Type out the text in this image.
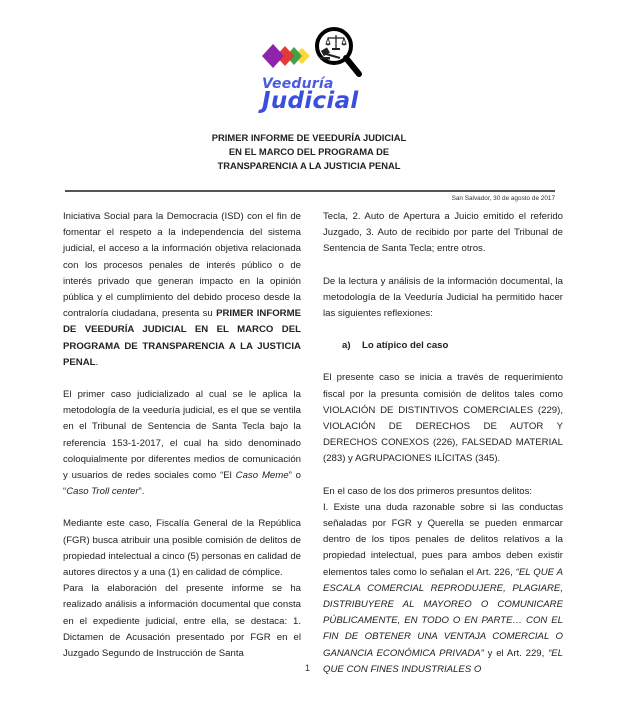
Veeduría
Judicial
PRIMER INFORME DE VEEDURÍA JUDICIAL
EN EL MARCO DEL PROGRAMA DE
TRANSPARENCIA A LA JUSTICIA PENAL
San Salvador, 30 de agosto de 2017

Iniciativa Social para la Democracia (ISD) con el fin de fomentar el respeto a la independencia del sistema judicial, el acceso a la información objetiva relacionada con los procesos penales de interés público o de interés privado que generan impacto en la opinión pública y el cumplimiento del debido proceso desde la contraloría ciudadana, presenta su PRIMER INFORME DE VEEDURÍA JUDICIAL EN EL MARCO DEL PROGRAMA DE TRANSPARENCIA A LA JUSTICIA PENAL.

El primer caso judicializado al cual se le aplica la metodología de la veeduría judicial, es el que se ventila en el Tribunal de Sentencia de Santa Tecla bajo la referencia 153-1-2017, el cual ha sido denominado coloquialmente por diferentes medios de comunicación y usuarios de redes sociales como “El Caso Meme” o “Caso Troll center”.

Mediante este caso, Fiscalía General de la República (FGR) busca atribuir una posible comisión de delitos de propiedad intelectual a cinco (5) personas en calidad de autores directos y a una (1) en calidad de cómplice.

Para la elaboración del presente informe se ha realizado análisis a información documental que consta en el expediente judicial, entre ella, se destaca: 1. Dictamen de Acusación presentado por FGR en el Juzgado Segundo de Instrucción de Santa

Tecla, 2. Auto de Apertura a Juicio emitido el referido Juzgado, 3. Auto de recibido por parte del Tribunal de Sentencia de Santa Tecla; entre otros.

De la lectura y análisis de la información documental, la metodología de la Veeduría Judicial ha permitido hacer las siguientes reflexiones:

a) Lo atípico del caso

El presente caso se inicia a través de requerimiento fiscal por la presunta comisión de delitos tales como VIOLACIÓN DE DISTINTIVOS COMERCIALES (229), VIOLACIÓN DE DERECHOS DE AUTOR Y DERECHOS CONEXOS (226), FALSEDAD MATERIAL (283) y AGRUPACIONES ILÍCITAS (345).

En el caso de los dos primeros presuntos delitos:

I. Existe una duda razonable sobre si las conductas señaladas por FGR y Querella se pueden enmarcar dentro de los tipos penales de delitos relativos a la propiedad intelectual, pues para ambos deben existir elementos tales como lo señalan el Art. 226, “EL QUE A ESCALA COMERCIAL REPRODUJERE, PLAGIARE, DISTRIBUYERE AL MAYOREO O COMUNICARE PÚBLICAMENTE, EN TODO O EN PARTE… CON EL FIN DE OBTENER UNA VENTAJA COMERCIAL O GANANCIA ECONÓMICA PRIVADA” y el Art. 229, “EL QUE CON FINES INDUSTRIALES O

1
